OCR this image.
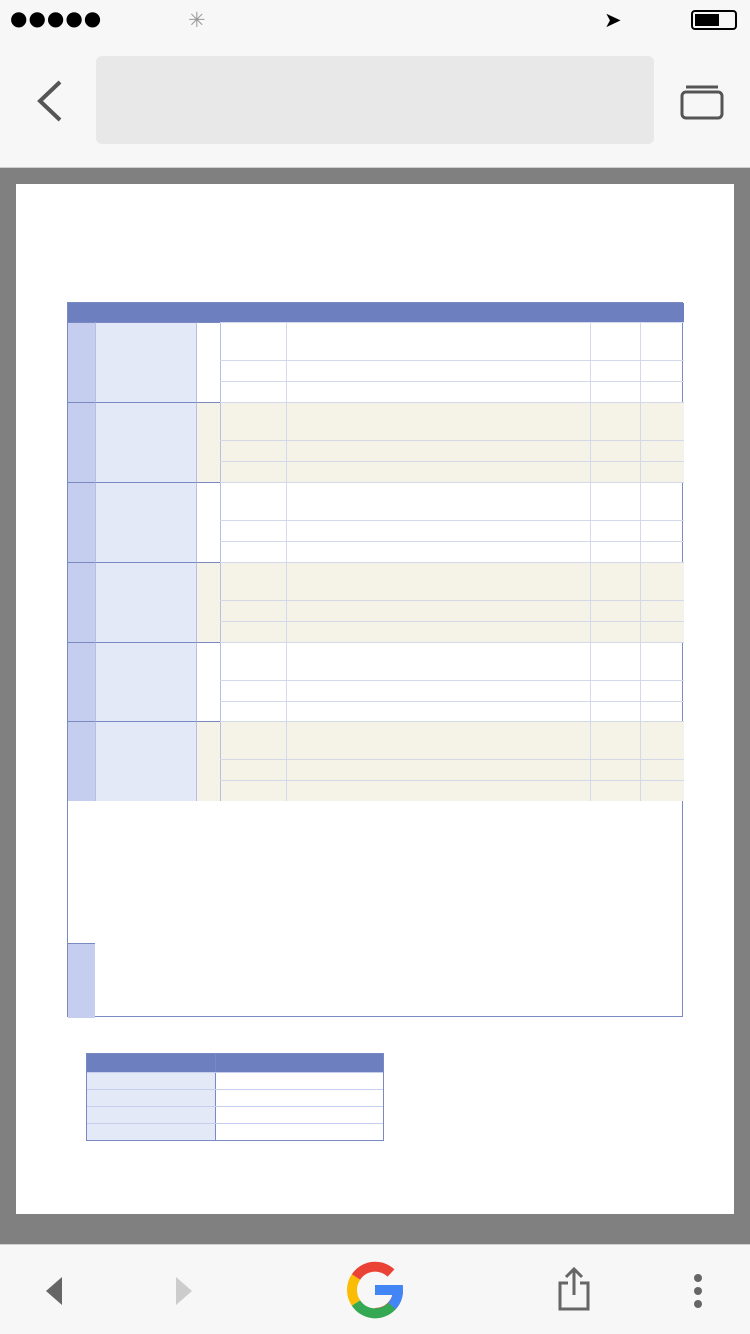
●●●●●	✳	➤
